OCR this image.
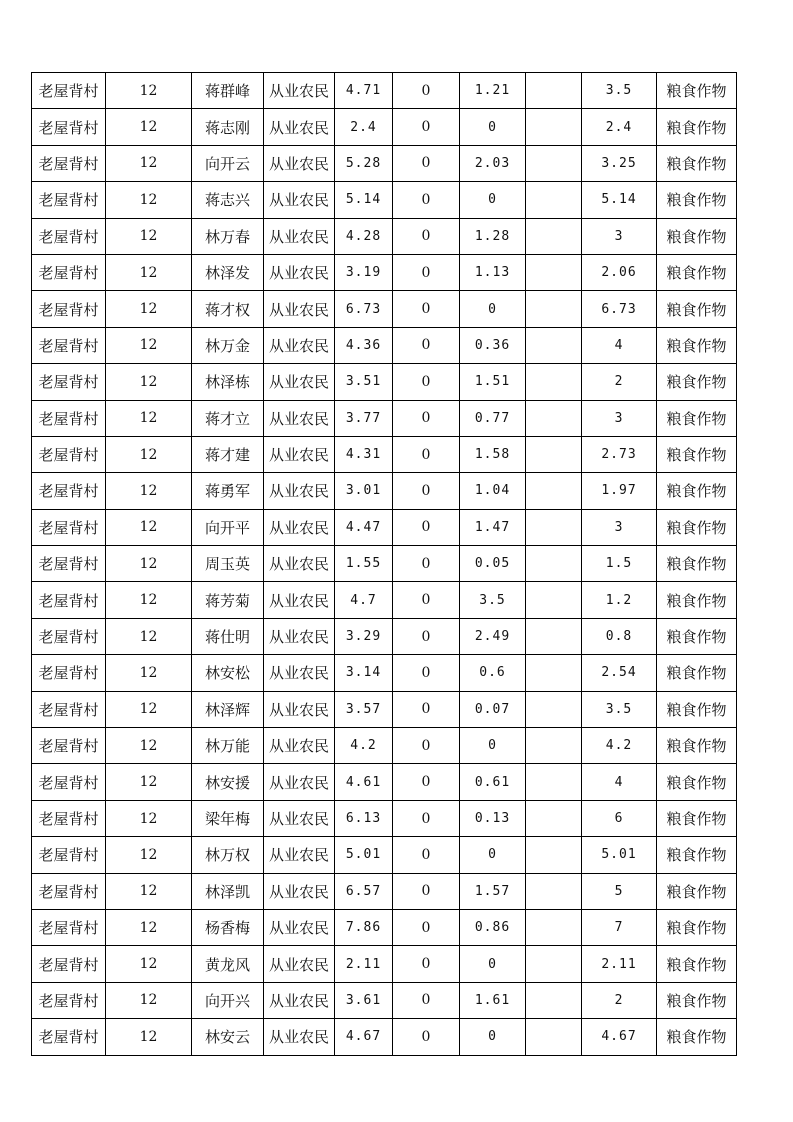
老屋背村	12	蒋群峰	从业农民	4.71	0	1.21		3.5	粮食作物
老屋背村	12	蒋志刚	从业农民	2.4	0	0		2.4	粮食作物
老屋背村	12	向开云	从业农民	5.28	0	2.03		3.25	粮食作物
老屋背村	12	蒋志兴	从业农民	5.14	0	0		5.14	粮食作物
老屋背村	12	林万春	从业农民	4.28	0	1.28		3	粮食作物
老屋背村	12	林泽发	从业农民	3.19	0	1.13		2.06	粮食作物
老屋背村	12	蒋才权	从业农民	6.73	0	0		6.73	粮食作物
老屋背村	12	林万金	从业农民	4.36	0	0.36		4	粮食作物
老屋背村	12	林泽栋	从业农民	3.51	0	1.51		2	粮食作物
老屋背村	12	蒋才立	从业农民	3.77	0	0.77		3	粮食作物
老屋背村	12	蒋才建	从业农民	4.31	0	1.58		2.73	粮食作物
老屋背村	12	蒋勇军	从业农民	3.01	0	1.04		1.97	粮食作物
老屋背村	12	向开平	从业农民	4.47	0	1.47		3	粮食作物
老屋背村	12	周玉英	从业农民	1.55	0	0.05		1.5	粮食作物
老屋背村	12	蒋芳菊	从业农民	4.7	0	3.5		1.2	粮食作物
老屋背村	12	蒋仕明	从业农民	3.29	0	2.49		0.8	粮食作物
老屋背村	12	林安松	从业农民	3.14	0	0.6		2.54	粮食作物
老屋背村	12	林泽辉	从业农民	3.57	0	0.07		3.5	粮食作物
老屋背村	12	林万能	从业农民	4.2	0	0		4.2	粮食作物
老屋背村	12	林安援	从业农民	4.61	0	0.61		4	粮食作物
老屋背村	12	梁年梅	从业农民	6.13	0	0.13		6	粮食作物
老屋背村	12	林万权	从业农民	5.01	0	0		5.01	粮食作物
老屋背村	12	林泽凯	从业农民	6.57	0	1.57		5	粮食作物
老屋背村	12	杨香梅	从业农民	7.86	0	0.86		7	粮食作物
老屋背村	12	黄龙风	从业农民	2.11	0	0		2.11	粮食作物
老屋背村	12	向开兴	从业农民	3.61	0	1.61		2	粮食作物
老屋背村	12	林安云	从业农民	4.67	0	0		4.67	粮食作物
